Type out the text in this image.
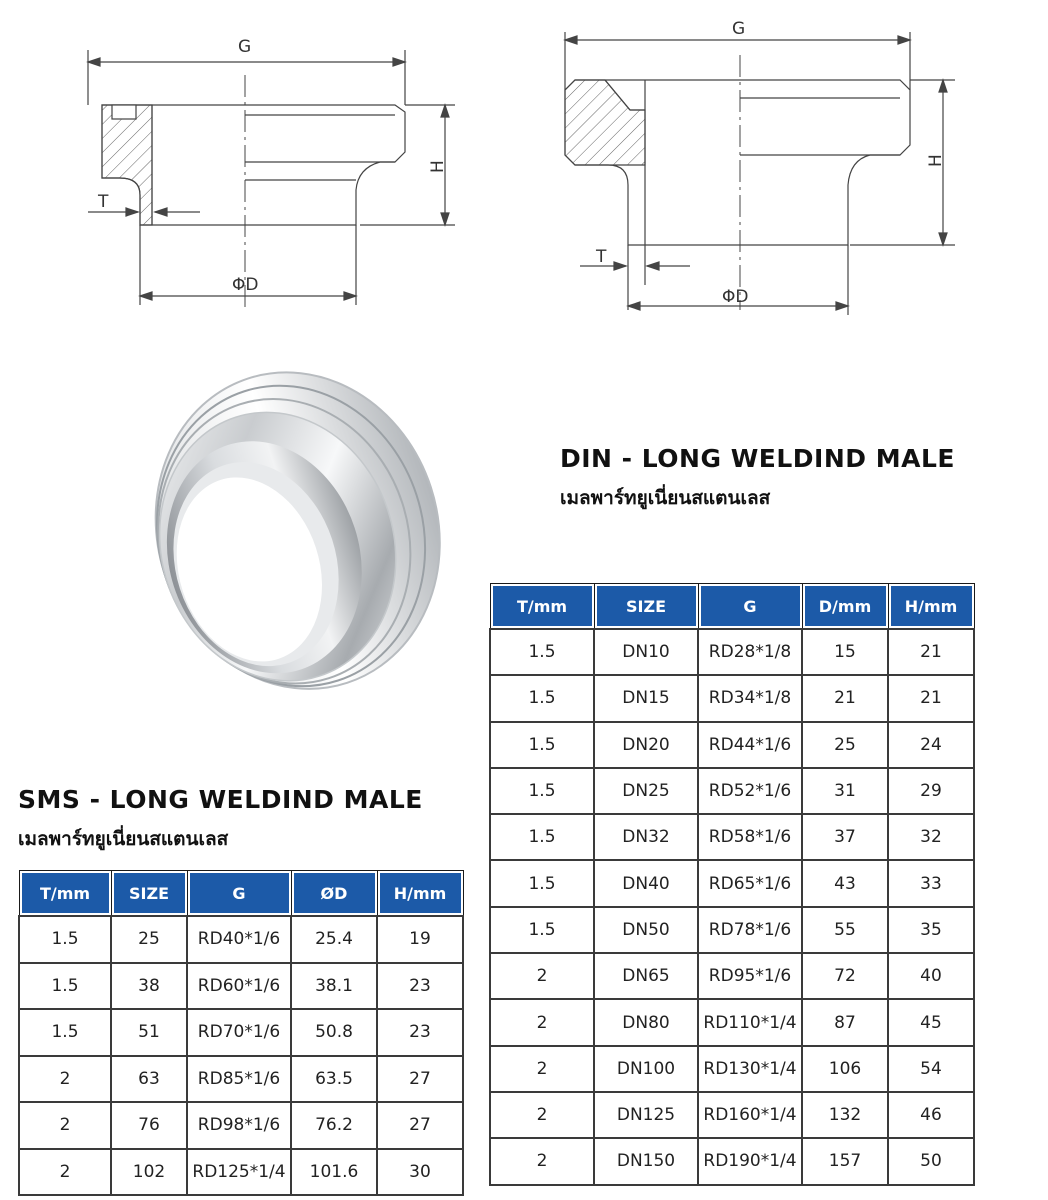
G
H
T
ΦD
G
H
T
ΦD
DIN - LONG WELDIND MALE
เมลพาร์ทยูเนี่ยนสแตนเลส
T/mm	SIZE	G	D/mm	H/mm
1.5	DN10	RD28*1/8	15	21
1.5	DN15	RD34*1/8	21	21
1.5	DN20	RD44*1/6	25	24
1.5	DN25	RD52*1/6	31	29
1.5	DN32	RD58*1/6	37	32
1.5	DN40	RD65*1/6	43	33
1.5	DN50	RD78*1/6	55	35
2	DN65	RD95*1/6	72	40
2	DN80	RD110*1/4	87	45
2	DN100	RD130*1/4	106	54
2	DN125	RD160*1/4	132	46
2	DN150	RD190*1/4	157	50
SMS - LONG WELDIND MALE
เมลพาร์ทยูเนี่ยนสแตนเลส
T/mm	SIZE	G	ØD	H/mm
1.5	25	RD40*1/6	25.4	19
1.5	38	RD60*1/6	38.1	23
1.5	51	RD70*1/6	50.8	23
2	63	RD85*1/6	63.5	27
2	76	RD98*1/6	76.2	27
2	102	RD125*1/4	101.6	30
